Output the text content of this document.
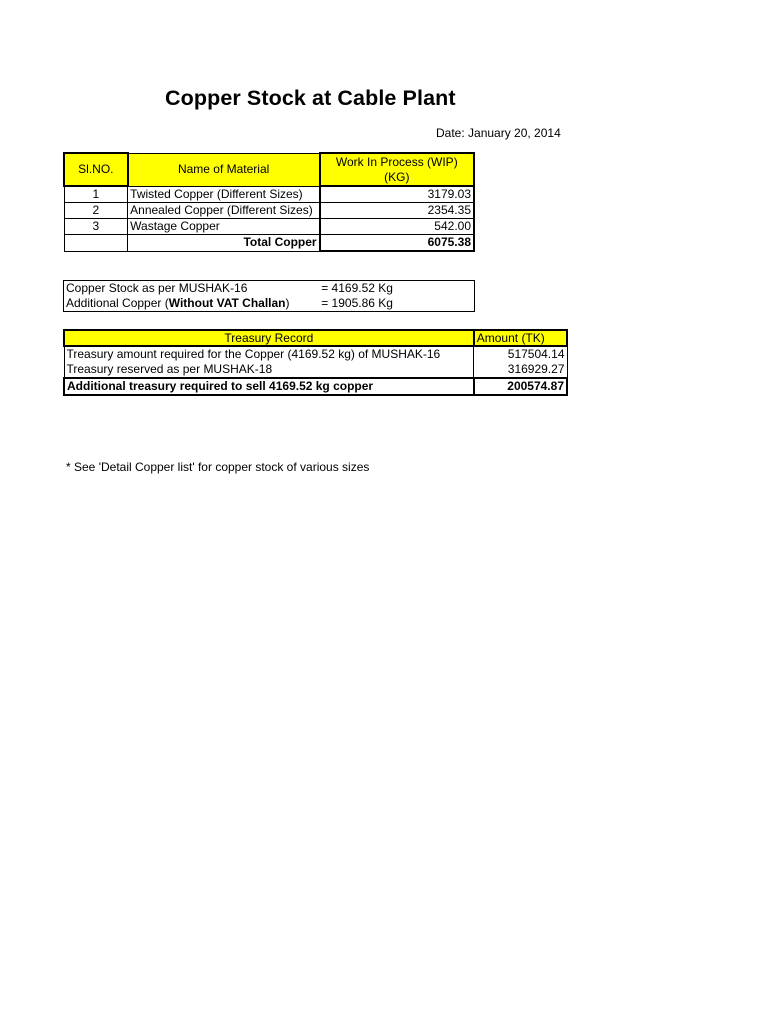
Copper Stock at Cable Plant
Date: January 20, 2014
Sl.NO.	Name of Material	Work In Process (WIP) (KG)
1	Twisted Copper (Different Sizes)	3179.03
2	Annealed Copper (Different Sizes)	2354.35
3	Wastage Copper	542.00
	Total Copper	6075.38
Copper Stock as per MUSHAK-16	= 4169.52 Kg
Additional Copper (Without VAT Challan)	= 1905.86 Kg
Treasury Record	Amount (TK)
Treasury amount required for the Copper (4169.52 kg) of MUSHAK-16	517504.14
Treasury reserved as per MUSHAK-18	316929.27
Additional treasury required to sell 4169.52 kg copper	200574.87
* See 'Detail Copper list' for copper stock of various sizes
